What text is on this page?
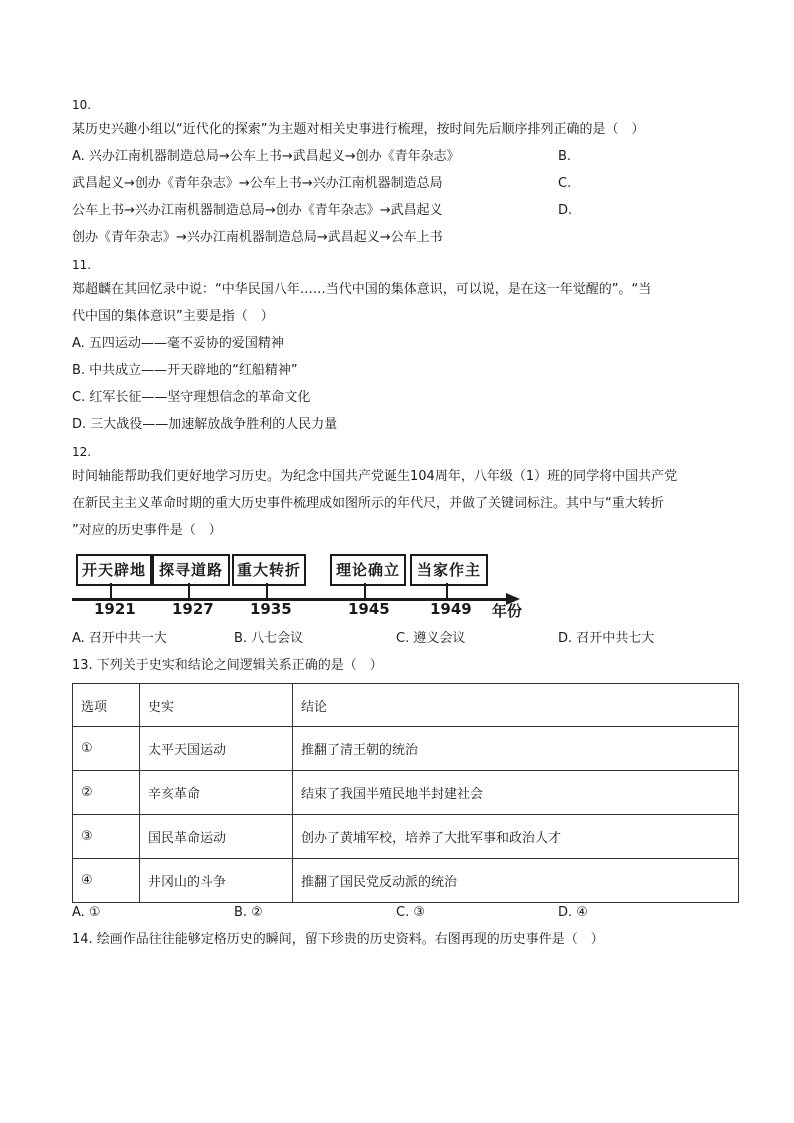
10.
某历史兴趣小组以“近代化的探索”为主题对相关史事进行梳理，按时间先后顺序排列正确的是（　）
A. 兴办江南机器制造总局→公车上书→武昌起义→创办《青年杂志》	B.
武昌起义→创办《青年杂志》→公车上书→兴办江南机器制造总局	C.
公车上书→兴办江南机器制造总局→创办《青年杂志》→武昌起义	D.
创办《青年杂志》→兴办江南机器制造总局→武昌起义→公车上书
11.
郑超麟在其回忆录中说：“中华民国八年……当代中国的集体意识，可以说，是在这一年觉醒的”。“当
代中国的集体意识”主要是指（　）
A. 五四运动——毫不妥协的爱国精神
B. 中共成立——开天辟地的“红船精神”
C. 红军长征——坚守理想信念的革命文化
D. 三大战役——加速解放战争胜利的人民力量
12.
时间轴能帮助我们更好地学习历史。为纪念中国共产党诞生104周年，八年级（1）班的同学将中国共产党
在新民主主义革命时期的重大历史事件梳理成如图所示的年代尺，并做了关键词标注。其中与“重大转折
”对应的历史事件是（　）
开天辟地 探寻道路 重大转折	理论确立	当家作主
1921 1927 1935	1945	1949 年份
A. 召开中共一大	B. 八七会议	C. 遵义会议	D. 召开中共七大
13. 下列关于史实和结论之间逻辑关系正确的是（　）
选项	史实	结论
①	太平天国运动	推翻了清王朝的统治
②	辛亥革命	结束了我国半殖民地半封建社会
③	国民革命运动	创办了黄埔军校，培养了大批军事和政治人才
④	井冈山的斗争	推翻了国民党反动派的统治
A. ①	B. ②	C. ③	D. ④
14. 绘画作品往往能够定格历史的瞬间，留下珍贵的历史资料。右图再现的历史事件是（　）
